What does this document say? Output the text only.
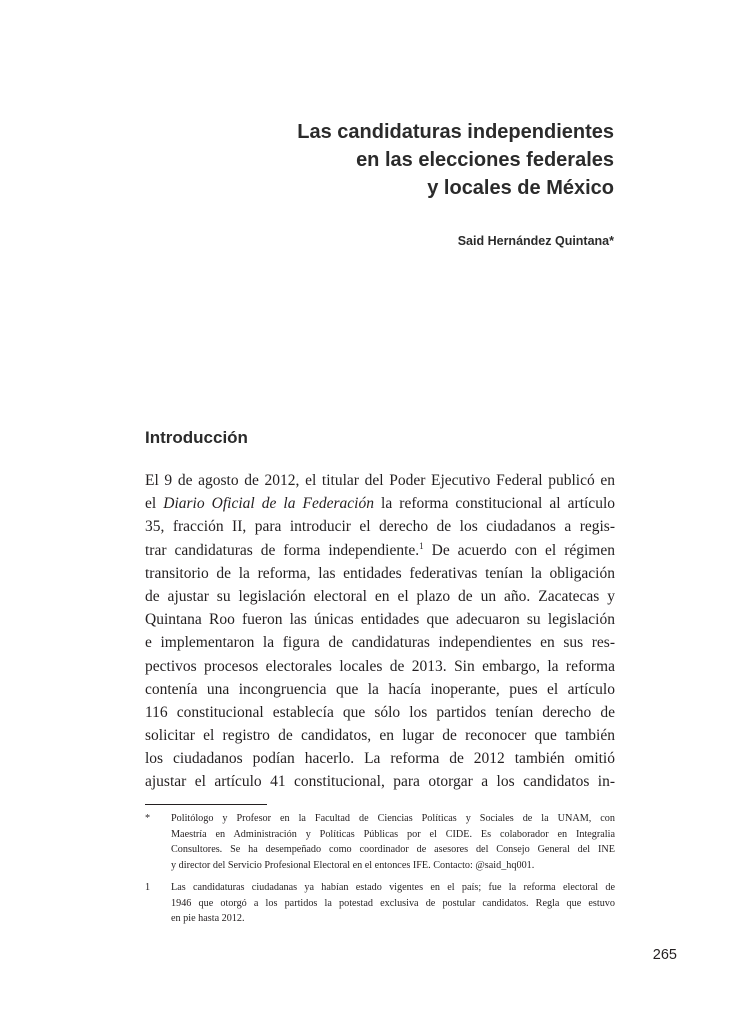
Las candidaturas independientes
en las elecciones federales
y locales de México
Said Hernández Quintana*
Introducción
El 9 de agosto de 2012, el titular del Poder Ejecutivo Federal publicó en
el Diario Oficial de la Federación la reforma constitucional al artículo
35, fracción II, para introducir el derecho de los ciudadanos a regis-
trar candidaturas de forma independiente.$^1$ De acuerdo con el régimen
transitorio de la reforma, las entidades federativas tenían la obligación
de ajustar su legislación electoral en el plazo de un año. Zacatecas y
Quintana Roo fueron las únicas entidades que adecuaron su legislación
e implementaron la figura de candidaturas independientes en sus res-
pectivos procesos electorales locales de 2013. Sin embargo, la reforma
contenía una incongruencia que la hacía inoperante, pues el artículo
116 constitucional establecía que sólo los partidos tenían derecho de
solicitar el registro de candidatos, en lugar de reconocer que también
los ciudadanos podían hacerlo. La reforma de 2012 también omitió
ajustar el artículo 41 constitucional, para otorgar a los candidatos in-
*	Politólogo y Profesor en la Facultad de Ciencias Políticas y Sociales de la UNAM, con
Maestría en Administración y Políticas Públicas por el CIDE. Es colaborador en Integralia
Consultores. Se ha desempeñado como coordinador de asesores del Consejo General del INE
y director del Servicio Profesional Electoral en el entonces IFE. Contacto: @said_hq001.
1	Las candidaturas ciudadanas ya habían estado vigentes en el país; fue la reforma electoral de
1946 que otorgó a los partidos la potestad exclusiva de postular candidatos. Regla que estuvo
en pie hasta 2012.
265
